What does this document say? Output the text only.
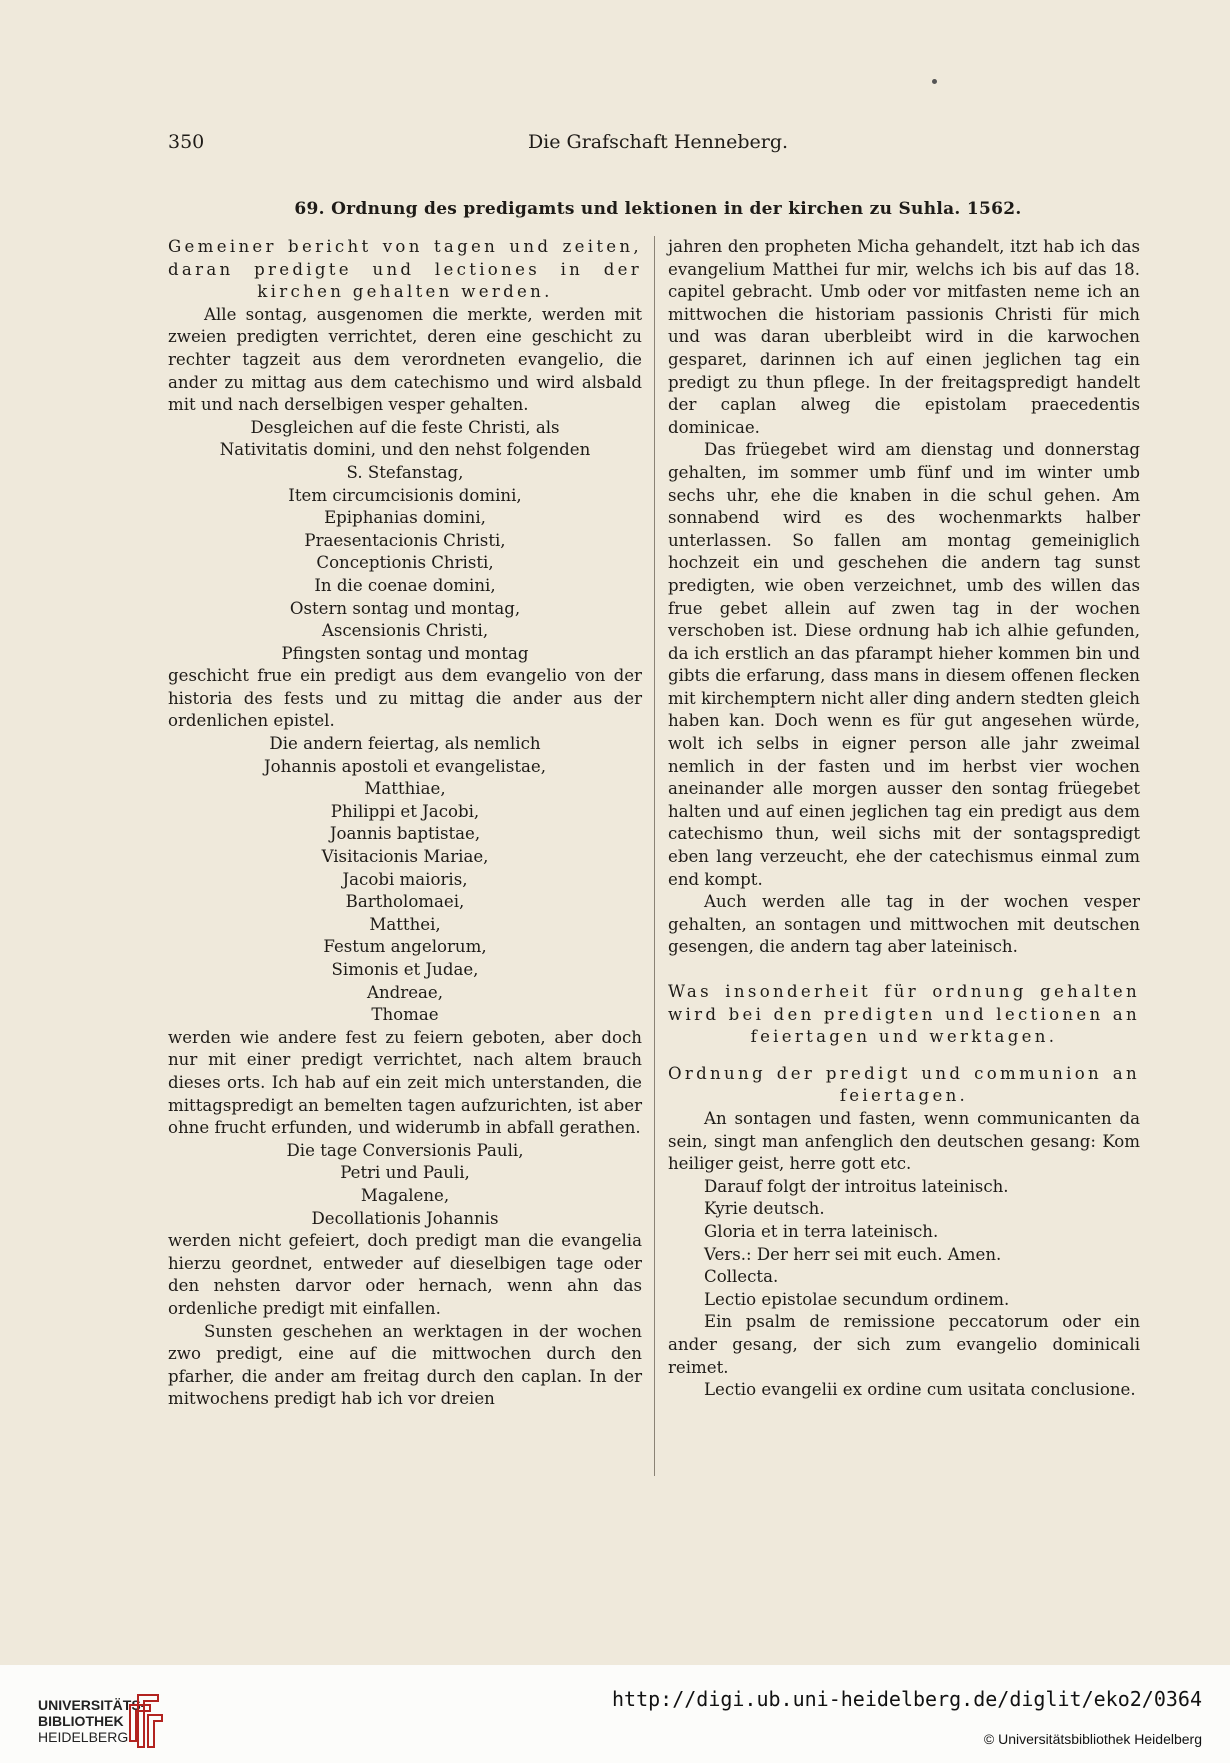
350	Die Grafschaft Henneberg.
69. Ordnung des predigamts und lektionen in der kirchen zu Suhla. 1562.

Gemeiner bericht von tagen und zeiten, daran predigte und lectiones in der kirchen gehalten werden.

Alle sontag, ausgenomen die merkte, werden mit zweien predigten verrichtet, deren eine geschicht zu rechter tagzeit aus dem verordneten evangelio, die ander zu mittag aus dem catechismo und wird alsbald mit und nach derselbigen vesper gehalten.

Desgleichen auf die feste Christi, als

Nativitatis domini, und den nehst folgenden

S. Stefanstag,

Item circumcisionis domini,

Epiphanias domini,

Praesentacionis Christi,

Conceptionis Christi,

In die coenae domini,

Ostern sontag und montag,

Ascensionis Christi,

Pfingsten sontag und montag

geschicht frue ein predigt aus dem evangelio von der historia des fests und zu mittag die ander aus der ordenlichen epistel.

Die andern feiertag, als nemlich

Johannis apostoli et evangelistae,

Matthiae,

Philippi et Jacobi,

Joannis baptistae,

Visitacionis Mariae,

Jacobi maioris,

Bartholomaei,

Matthei,

Festum angelorum,

Simonis et Judae,

Andreae,

Thomae

werden wie andere fest zu feiern geboten, aber doch nur mit einer predigt verrichtet, nach altem brauch dieses orts. Ich hab auf ein zeit mich unterstanden, die mittagspredigt an bemelten tagen aufzurichten, ist aber ohne frucht erfunden, und widerumb in abfall gerathen.

Die tage Conversionis Pauli,

Petri und Pauli,

Magalene,

Decollationis Johannis

werden nicht gefeiert, doch predigt man die evangelia hierzu geordnet, entweder auf dieselbigen tage oder den nehsten darvor oder hernach, wenn ahn das ordenliche predigt mit einfallen.

Sunsten geschehen an werktagen in der wochen zwo predigt, eine auf die mittwochen durch den pfarher, die ander am freitag durch den caplan. In der mitwochens predigt hab ich vor dreien

jahren den propheten Micha gehandelt, itzt hab ich das evangelium Matthei fur mir, welchs ich bis auf das 18. capitel gebracht. Umb oder vor mitfasten neme ich an mittwochen die historiam passionis Christi für mich und was daran uberbleibt wird in die karwochen gesparet, darinnen ich auf einen jeglichen tag ein predigt zu thun pflege. In der freitagspredigt handelt der caplan alweg die epistolam praecedentis dominicae.

Das früegebet wird am dienstag und donnerstag gehalten, im sommer umb fünf und im winter umb sechs uhr, ehe die knaben in die schul gehen. Am sonnabend wird es des wochenmarkts halber unterlassen. So fallen am montag gemeiniglich hochzeit ein und geschehen die andern tag sunst predigten, wie oben verzeichnet, umb des willen das frue gebet allein auf zwen tag in der wochen verschoben ist. Diese ordnung hab ich alhie gefunden, da ich erstlich an das pfarampt hieher kommen bin und gibts die erfarung, dass mans in diesem offenen flecken mit kirchemptern nicht aller ding andern stedten gleich haben kan. Doch wenn es für gut angesehen würde, wolt ich selbs in eigner person alle jahr zweimal nemlich in der fasten und im herbst vier wochen aneinander alle morgen ausser den sontag früegebet halten und auf einen jeglichen tag ein predigt aus dem catechismo thun, weil sichs mit der sontagspredigt eben lang verzeucht, ehe der catechismus einmal zum end kompt.

Auch werden alle tag in der wochen vesper gehalten, an sontagen und mittwochen mit deutschen gesengen, die andern tag aber lateinisch.

Was insonderheit für ordnung gehalten wird bei den predigten und lectionen an feiertagen und werktagen.

Ordnung der predigt und communion an feiertagen.

An sontagen und fasten, wenn communicanten da sein, singt man anfenglich den deutschen gesang: Kom heiliger geist, herre gott etc.

Darauf folgt der introitus lateinisch.

Kyrie deutsch.

Gloria et in terra lateinisch.

Vers.: Der herr sei mit euch. Amen.

Collecta.

Lectio epistolae secundum ordinem.

Ein psalm de remissione peccatorum oder ein ander gesang, der sich zum evangelio dominicali reimet.

Lectio evangelii ex ordine cum usitata conclusione.

UNIVERSITÄTS-
BIBLIOTHEK
HEIDELBERG
http://digi.ub.uni-heidelberg.de/diglit/eko2/0364
© Universitätsbibliothek Heidelberg
